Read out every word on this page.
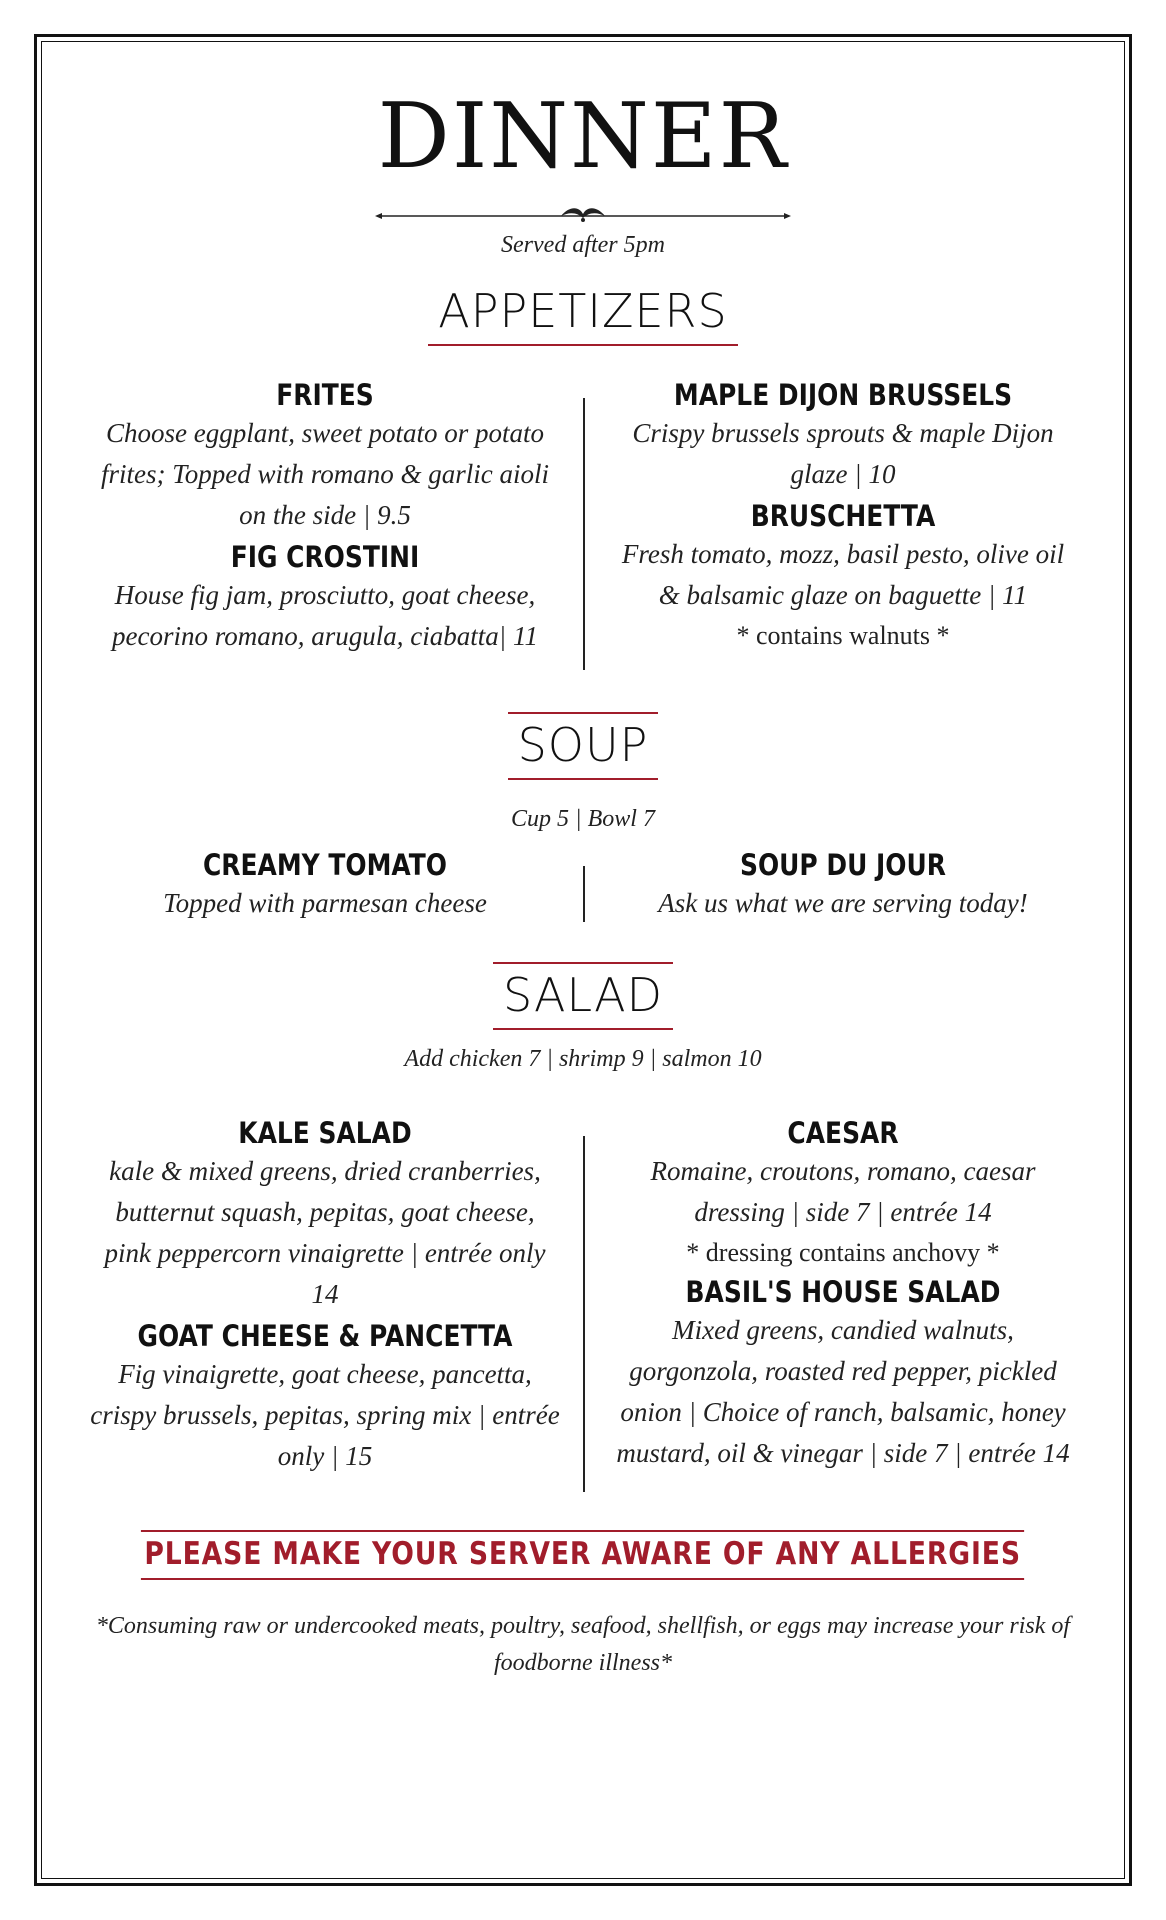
DINNER
Served after 5pm
APPETIZERS
FRITES
Choose eggplant, sweet potato or potato frites; Topped with romano & garlic aioli on the side | 9.5
FIG CROSTINI
House fig jam, prosciutto, goat cheese, pecorino romano, arugula, ciabatta| 11
MAPLE DIJON BRUSSELS
Crispy brussels sprouts & maple Dijon glaze | 10
BRUSCHETTA
Fresh tomato, mozz, basil pesto, olive oil & balsamic glaze on baguette | 11
* contains walnuts *
SOUP
Cup 5 | Bowl 7
CREAMY TOMATO
Topped with parmesan cheese
SOUP DU JOUR
Ask us what we are serving today!
SALAD
Add chicken 7 | shrimp 9 | salmon 10
KALE SALAD
kale & mixed greens, dried cranberries, butternut squash, pepitas, goat cheese, pink peppercorn vinaigrette | entrée only 14
GOAT CHEESE & PANCETTA
Fig vinaigrette, goat cheese, pancetta, crispy brussels, pepitas, spring mix | entrée only | 15
CAESAR
Romaine, croutons, romano, caesar dressing | side 7 | entrée 14
* dressing contains anchovy *
BASIL'S HOUSE SALAD
Mixed greens, candied walnuts, gorgonzola, roasted red pepper, pickled onion | Choice of ranch, balsamic, honey mustard, oil & vinegar | side 7 | entrée 14
PLEASE MAKE YOUR SERVER AWARE OF ANY ALLERGIES
*Consuming raw or undercooked meats, poultry, seafood, shellfish, or eggs may increase your risk of foodborne illness*
